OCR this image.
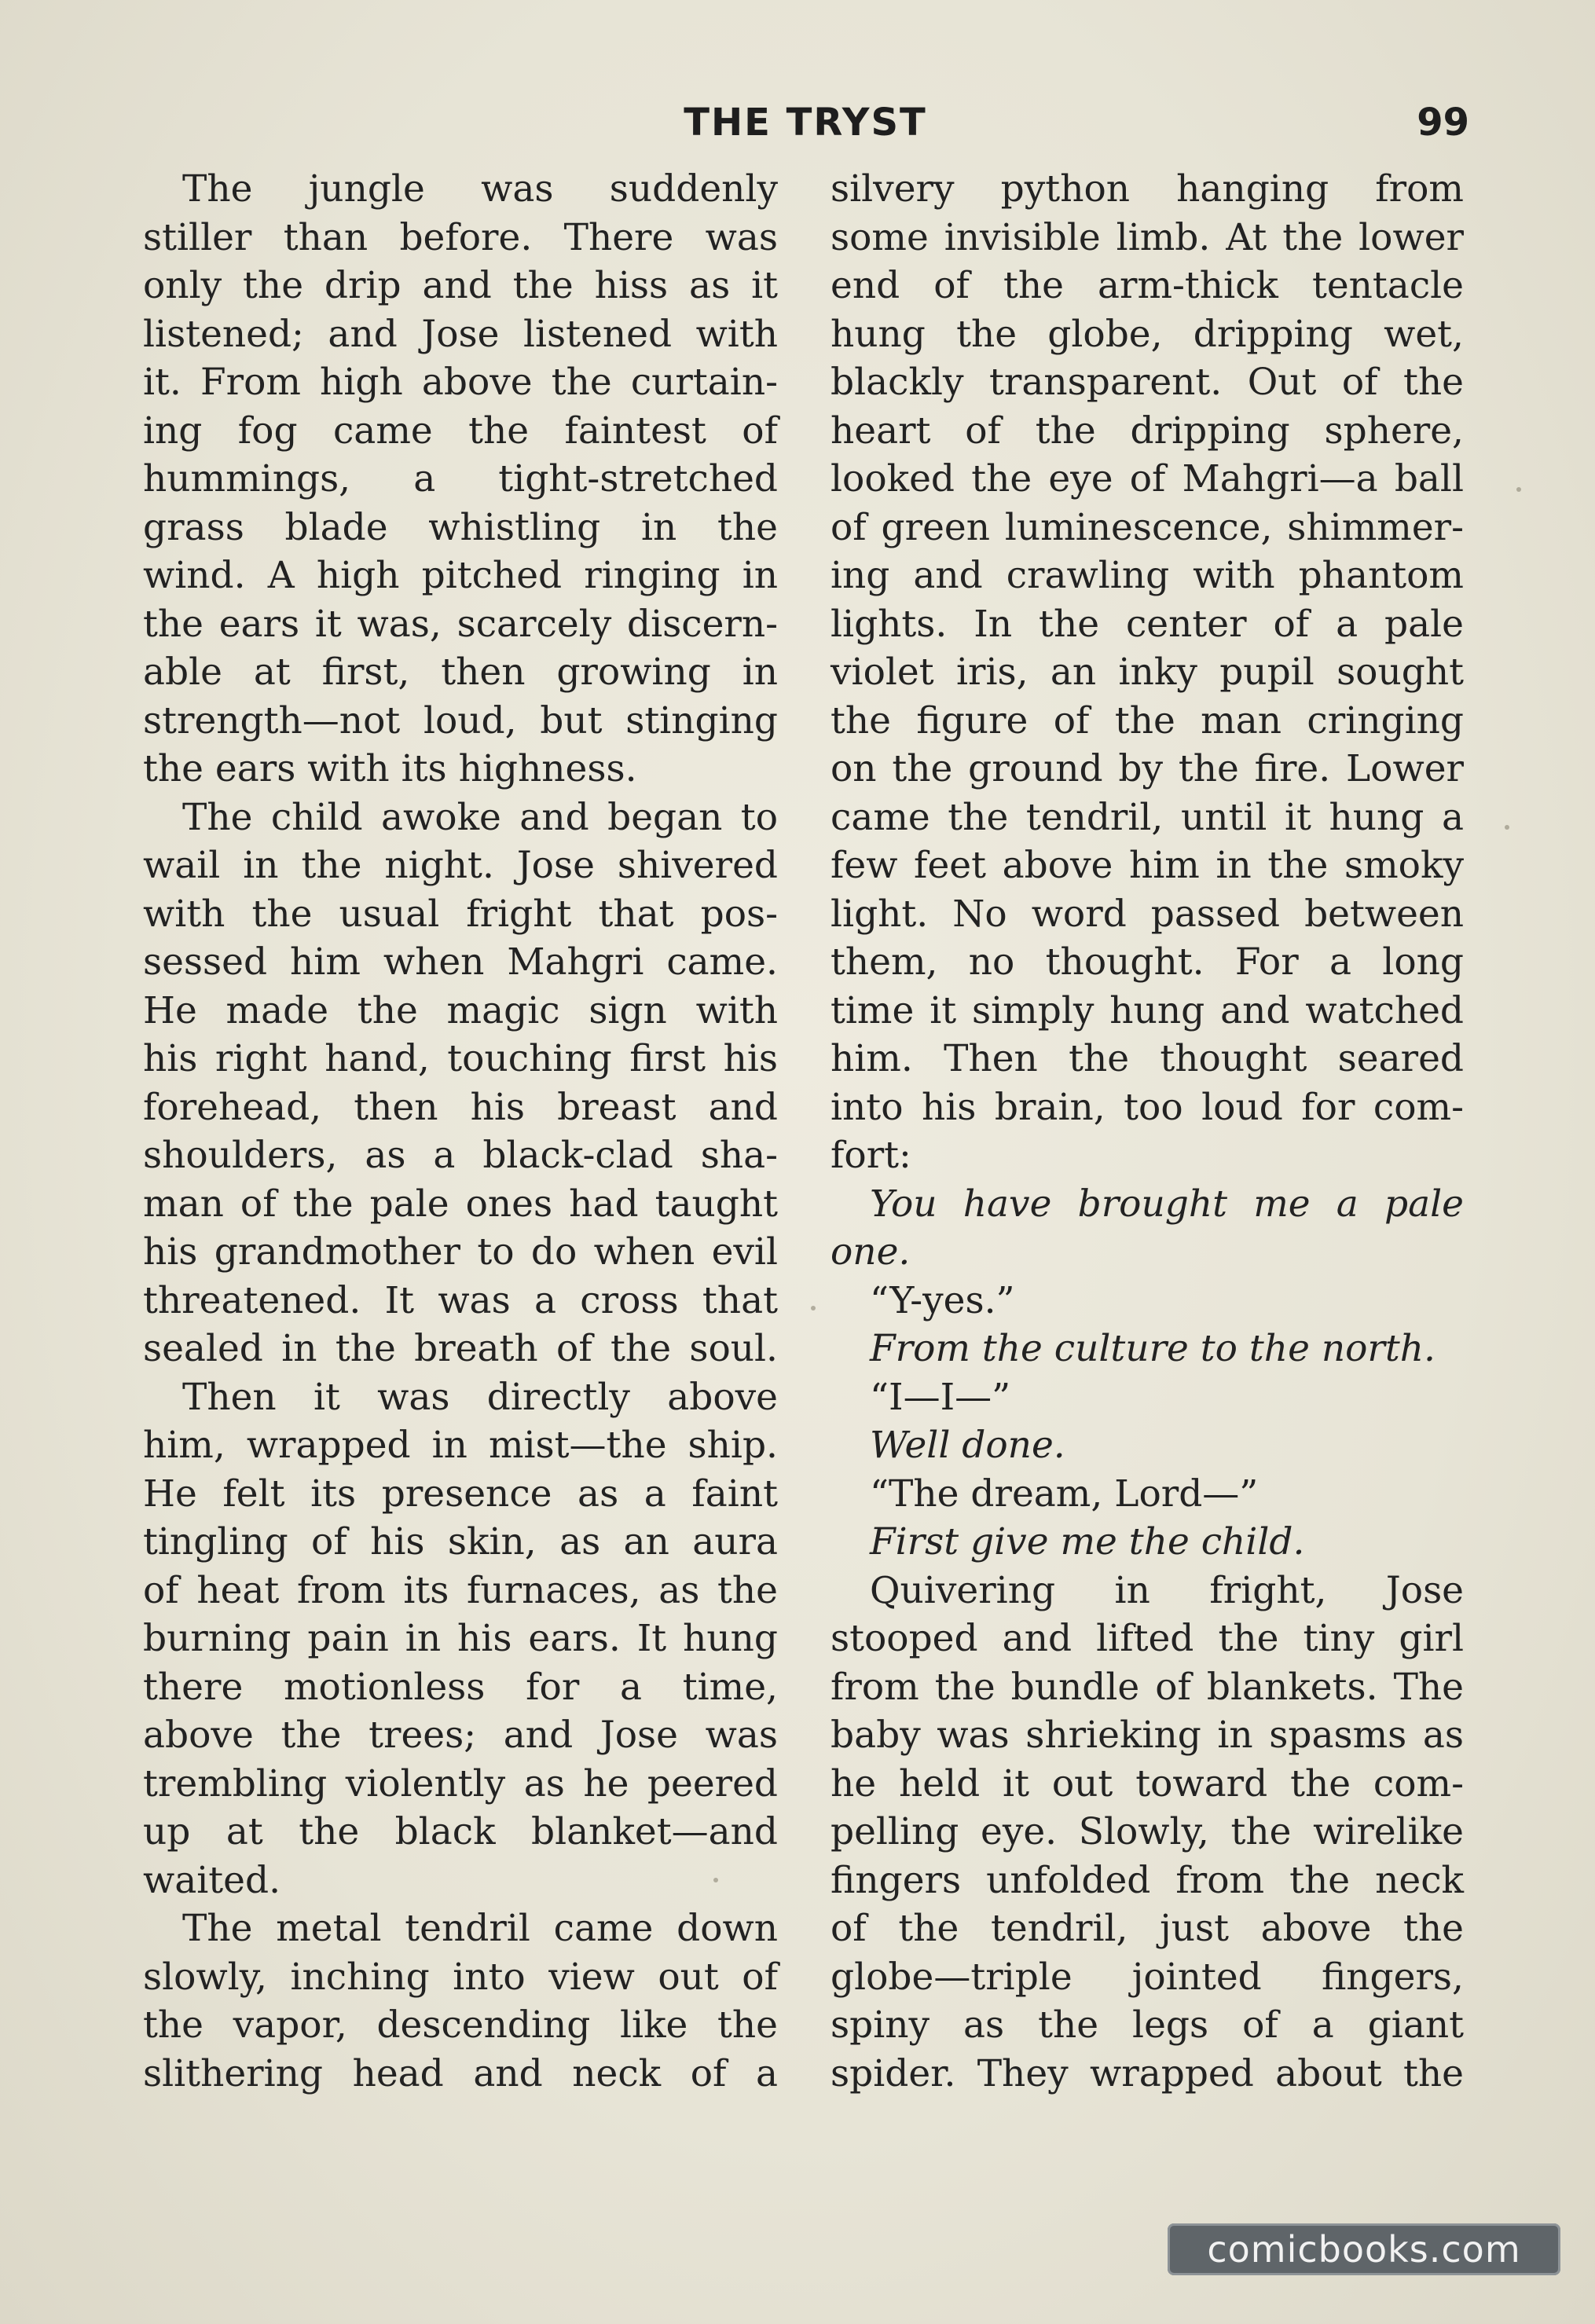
THE TRYST	99
The jungle was suddenly
stiller than before. There was
only the drip and the hiss as it
listened; and Jose listened with
it. From high above the curtain-
ing fog came the faintest of
hummings, a tight-stretched
grass blade whistling in the
wind. A high pitched ringing in
the ears it was, scarcely discern-
able at first, then growing in
strength—not loud, but stinging
the ears with its highness.
The child awoke and began to
wail in the night. Jose shivered
with the usual fright that pos-
sessed him when Mahgri came.
He made the magic sign with
his right hand, touching first his
forehead, then his breast and
shoulders, as a black-clad sha-
man of the pale ones had taught
his grandmother to do when evil
threatened. It was a cross that
sealed in the breath of the soul.
Then it was directly above
him, wrapped in mist—the ship.
He felt its presence as a faint
tingling of his skin, as an aura
of heat from its furnaces, as the
burning pain in his ears. It hung
there motionless for a time,
above the trees; and Jose was
trembling violently as he peered
up at the black blanket—and
waited.
The metal tendril came down
slowly, inching into view out of
the vapor, descending like the
slithering head and neck of a
silvery python hanging from
some invisible limb. At the lower
end of the arm-thick tentacle
hung the globe, dripping wet,
blackly transparent. Out of the
heart of the dripping sphere,
looked the eye of Mahgri—a ball
of green luminescence, shimmer-
ing and crawling with phantom
lights. In the center of a pale
violet iris, an inky pupil sought
the figure of the man cringing
on the ground by the fire. Lower
came the tendril, until it hung a
few feet above him in the smoky
light. No word passed between
them, no thought. For a long
time it simply hung and watched
him. Then the thought seared
into his brain, too loud for com-
fort:
You have brought me a pale
one.
“Y-yes.”
From the culture to the north.
“I—I—”
Well done.
“The dream, Lord—”
First give me the child.
Quivering in fright, Jose
stooped and lifted the tiny girl
from the bundle of blankets. The
baby was shrieking in spasms as
he held it out toward the com-
pelling eye. Slowly, the wirelike
fingers unfolded from the neck
of the tendril, just above the
globe—triple jointed fingers,
spiny as the legs of a giant
spider. They wrapped about the
comicbooks.com
